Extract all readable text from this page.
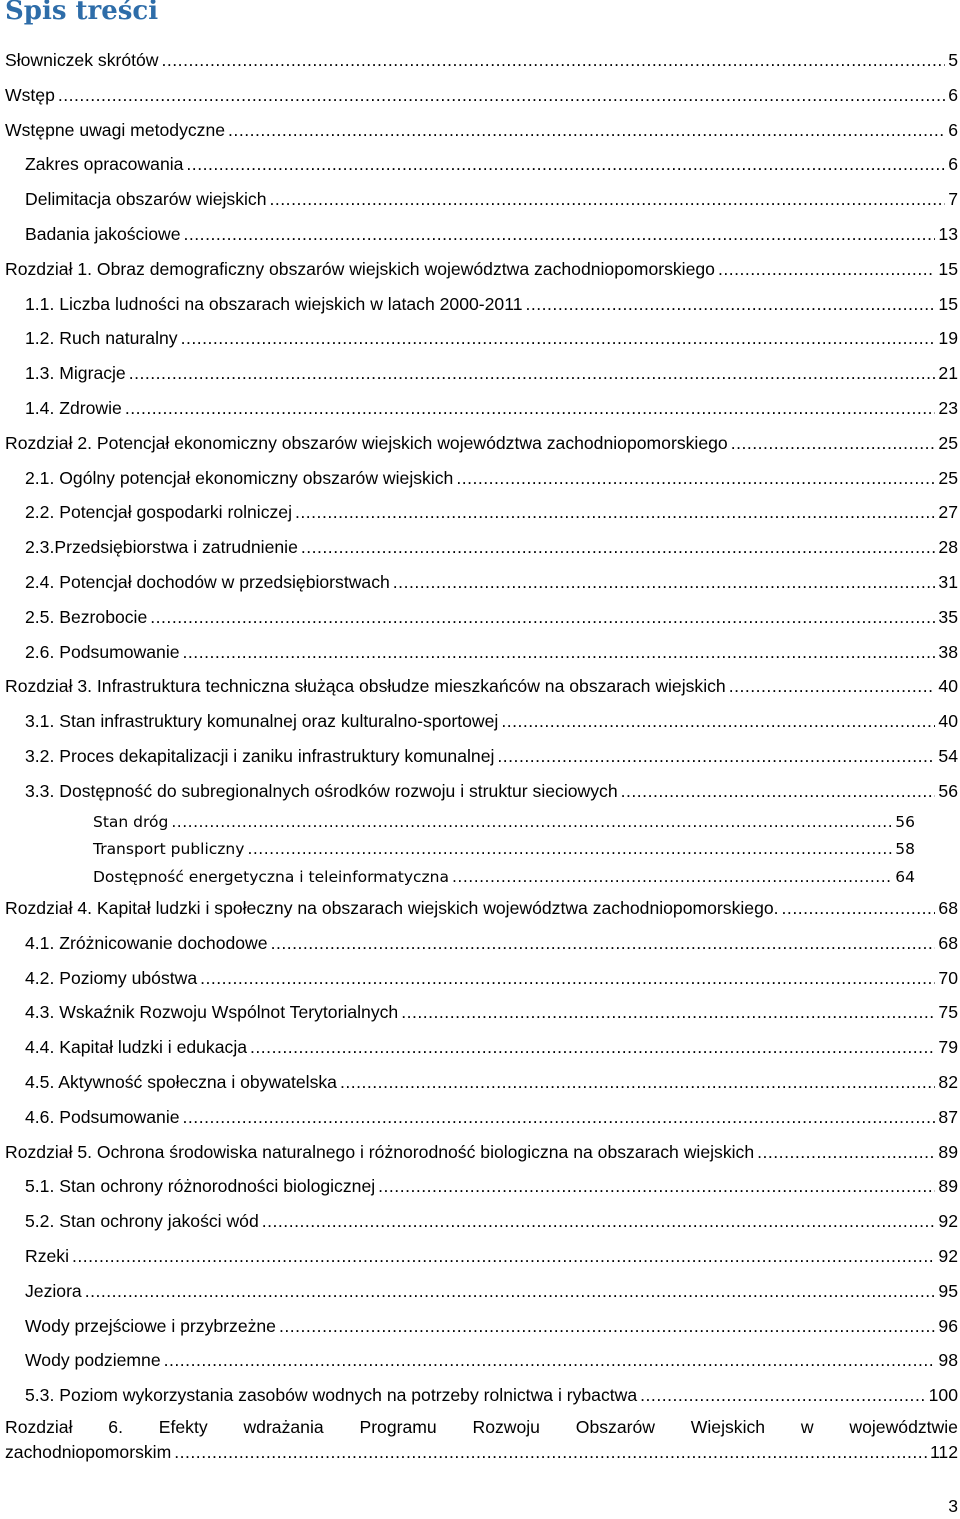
Spis treści
Słowniczek skrótów .....	5
Wstęp .....	6
Wstępne uwagi metodyczne .....	6
Zakres opracowania .....	6
Delimitacja obszarów wiejskich .....	7
Badania jakościowe .....	13
Rozdział 1. Obraz demograficzny obszarów wiejskich województwa zachodniopomorskiego .....	15
1.1. Liczba ludności na obszarach wiejskich w latach 2000-2011 .....	15
1.2. Ruch naturalny .....	19
1.3. Migracje .....	21
1.4. Zdrowie .....	23
Rozdział 2. Potencjał ekonomiczny obszarów wiejskich województwa zachodniopomorskiego .....	25
2.1. Ogólny potencjał ekonomiczny obszarów wiejskich .....	25
2.2. Potencjał gospodarki rolniczej .....	27
2.3.Przedsiębiorstwa i zatrudnienie .....	28
2.4. Potencjał dochodów w przedsiębiorstwach .....	31
2.5. Bezrobocie .....	35
2.6. Podsumowanie .....	38
Rozdział 3. Infrastruktura techniczna służąca obsłudze mieszkańców na obszarach wiejskich .....	40
3.1. Stan infrastruktury komunalnej oraz kulturalno-sportowej .....	40
3.2. Proces dekapitalizacji i zaniku infrastruktury komunalnej .....	54
3.3. Dostępność do subregionalnych ośrodków rozwoju i struktur sieciowych .....	56
Stan dróg .....	56
Transport publiczny .....	58
Dostępność energetyczna i teleinformatyczna .....	64
Rozdział 4. Kapitał ludzki i społeczny na obszarach wiejskich województwa zachodniopomorskiego. .....	68
4.1. Zróżnicowanie dochodowe .....	68
4.2. Poziomy ubóstwa .....	70
4.3. Wskaźnik Rozwoju Wspólnot Terytorialnych .....	75
4.4. Kapitał ludzki i edukacja .....	79
4.5. Aktywność społeczna i obywatelska .....	82
4.6. Podsumowanie .....	87
Rozdział 5. Ochrona środowiska naturalnego i różnorodność biologiczna na obszarach wiejskich .....	89
5.1. Stan ochrony różnorodności biologicznej .....	89
5.2. Stan ochrony jakości wód .....	92
Rzeki .....	92
Jeziora .....	95
Wody przejściowe i przybrzeżne .....	96
Wody podziemne .....	98
5.3. Poziom wykorzystania zasobów wodnych na potrzeby rolnictwa i rybactwa .....	100
Rozdział 6. Efekty wdrażania Programu Rozwoju Obszarów Wiejskich w województwie
zachodniopomorskim .....	112
3
